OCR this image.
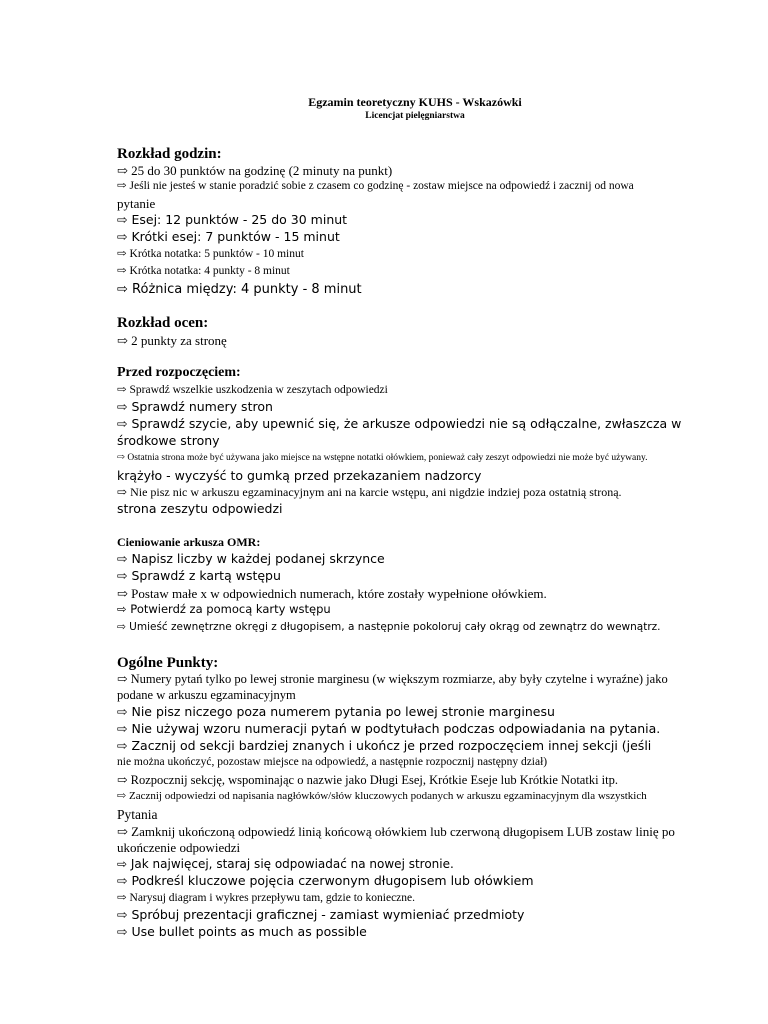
Egzamin teoretyczny KUHS - Wskazówki
Licencjat pielęgniarstwa
Rozkład godzin:
⇨ 25 do 30 punktów na godzinę (2 minuty na punkt)
⇨ Jeśli nie jesteś w stanie poradzić sobie z czasem co godzinę - zostaw miejsce na odpowiedź i zacznij od nowa
pytanie
⇨ Esej: 12 punktów - 25 do 30 minut
⇨ Krótki esej: 7 punktów - 15 minut
⇨ Krótka notatka: 5 punktów - 10 minut
⇨ Krótka notatka: 4 punkty - 8 minut
⇨ Różnica między: 4 punkty - 8 minut
Rozkład ocen:
⇨ 2 punkty za stronę
Przed rozpoczęciem:
⇨ Sprawdź wszelkie uszkodzenia w zeszytach odpowiedzi
⇨ Sprawdź numery stron
⇨ Sprawdź szycie, aby upewnić się, że arkusze odpowiedzi nie są odłączalne, zwłaszcza w
środkowe strony
⇨ Ostatnia strona może być używana jako miejsce na wstępne notatki ołówkiem, ponieważ cały zeszyt odpowiedzi nie może być używany.
krążyło - wyczyść to gumką przed przekazaniem nadzorcy
⇨ Nie pisz nic w arkuszu egzaminacyjnym ani na karcie wstępu, ani nigdzie indziej poza ostatnią stroną.
strona zeszytu odpowiedzi
Cieniowanie arkusza OMR:
⇨ Napisz liczby w każdej podanej skrzynce
⇨ Sprawdź z kartą wstępu
⇨ Postaw małe x w odpowiednich numerach, które zostały wypełnione ołówkiem.
⇨ Potwierdź za pomocą karty wstępu
⇨ Umieść zewnętrzne okręgi z długopisem, a następnie pokoloruj cały okrąg od zewnątrz do wewnątrz.
Ogólne Punkty:
⇨ Numery pytań tylko po lewej stronie marginesu (w większym rozmiarze, aby były czytelne i wyraźne) jako
podane w arkuszu egzaminacyjnym
⇨ Nie pisz niczego poza numerem pytania po lewej stronie marginesu
⇨ Nie używaj wzoru numeracji pytań w podtytułach podczas odpowiadania na pytania.
⇨ Zacznij od sekcji bardziej znanych i ukończ je przed rozpoczęciem innej sekcji (jeśli
nie można ukończyć, pozostaw miejsce na odpowiedź, a następnie rozpocznij następny dział)
⇨ Rozpocznij sekcję, wspominając o nazwie jako Długi Esej, Krótkie Eseje lub Krótkie Notatki itp.
⇨ Zacznij odpowiedzi od napisania nagłówków/słów kluczowych podanych w arkuszu egzaminacyjnym dla wszystkich
Pytania
⇨ Zamknij ukończoną odpowiedź linią końcową ołówkiem lub czerwoną długopisem LUB zostaw linię po
ukończenie odpowiedzi
⇨ Jak najwięcej, staraj się odpowiadać na nowej stronie.
⇨ Podkreśl kluczowe pojęcia czerwonym długopisem lub ołówkiem
⇨ Narysuj diagram i wykres przepływu tam, gdzie to konieczne.
⇨ Spróbuj prezentacji graficznej - zamiast wymieniać przedmioty
⇨ Use bullet points as much as possible
